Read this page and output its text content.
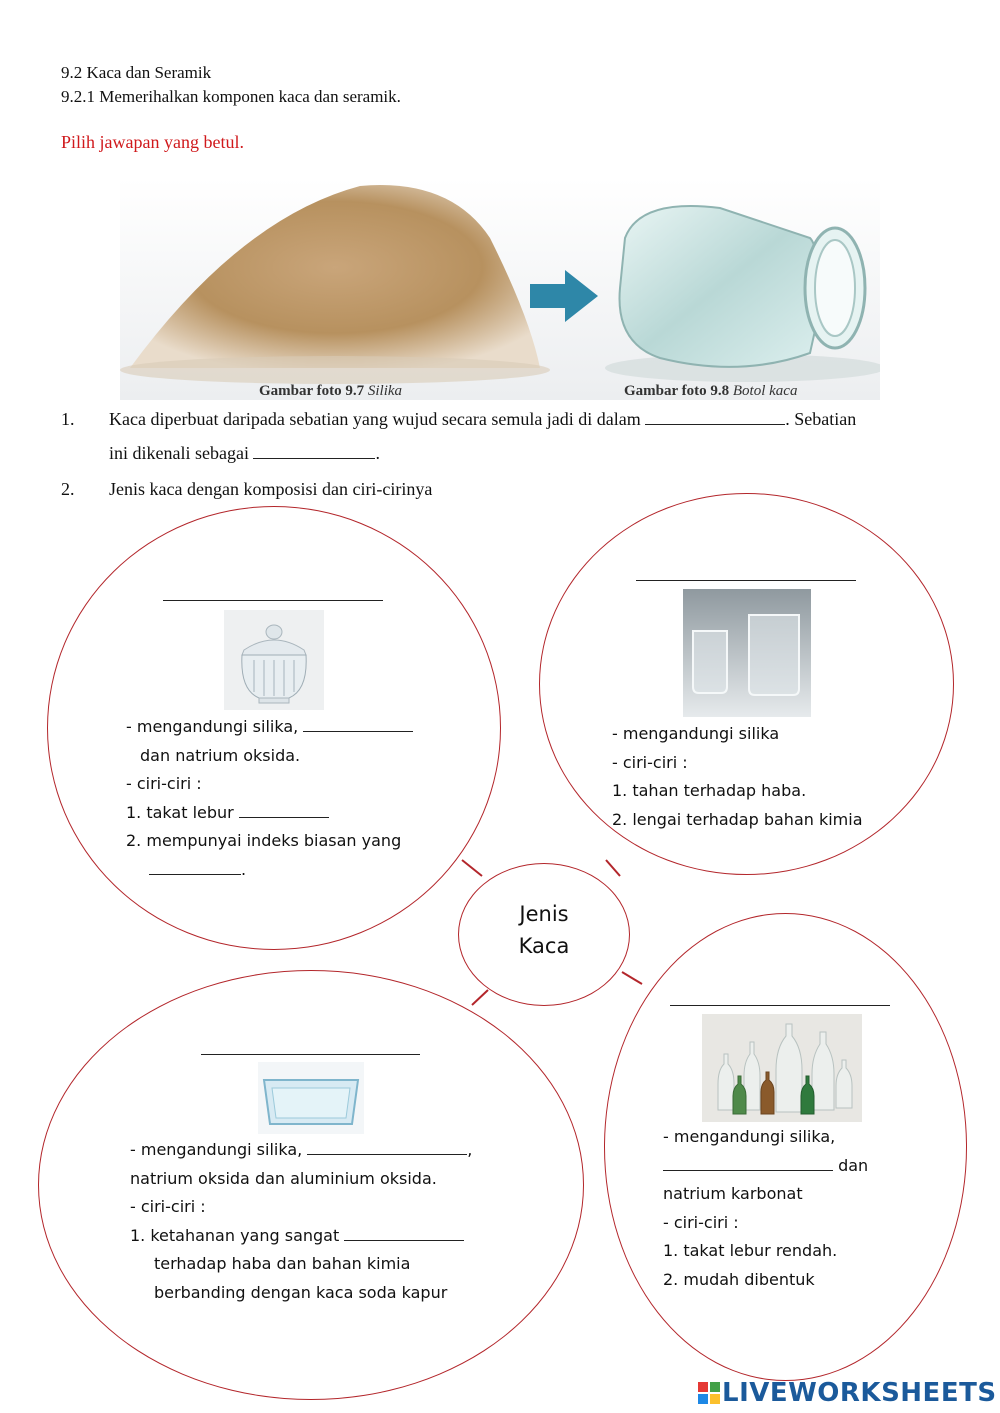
9.2 Kaca dan Seramik
9.2.1 Memerihalkan komponen kaca dan seramik.
Pilih jawapan yang betul.
Gambar foto 9.7 Silika	Gambar foto 9.8 Botol kaca
1. Kaca diperbuat daripada sebatian yang wujud secara semula jadi di dalam	. Sebatian
ini dikenali sebagai	.
2. Jenis kaca dengan komposisi dan ciri-cirinya
- mengandungi silika,
dan natrium oksida.
- ciri-ciri :
1. takat lebur
2. mempunyai indeks biasan yang
.
- mengandungi silika
- ciri-ciri :
1. tahan terhadap haba.
2. lengai terhadap bahan kimia
Jenis
Kaca
- mengandungi silika,	,
natrium oksida dan aluminium oksida.
- ciri-ciri :
1. ketahanan yang sangat
terhadap haba dan bahan kimia
berbanding dengan kaca soda kapur
- mengandungi silika,
dan
natrium karbonat
- ciri-ciri :
1. takat lebur rendah.
2. mudah dibentuk
LIVEWORKSHEETS
